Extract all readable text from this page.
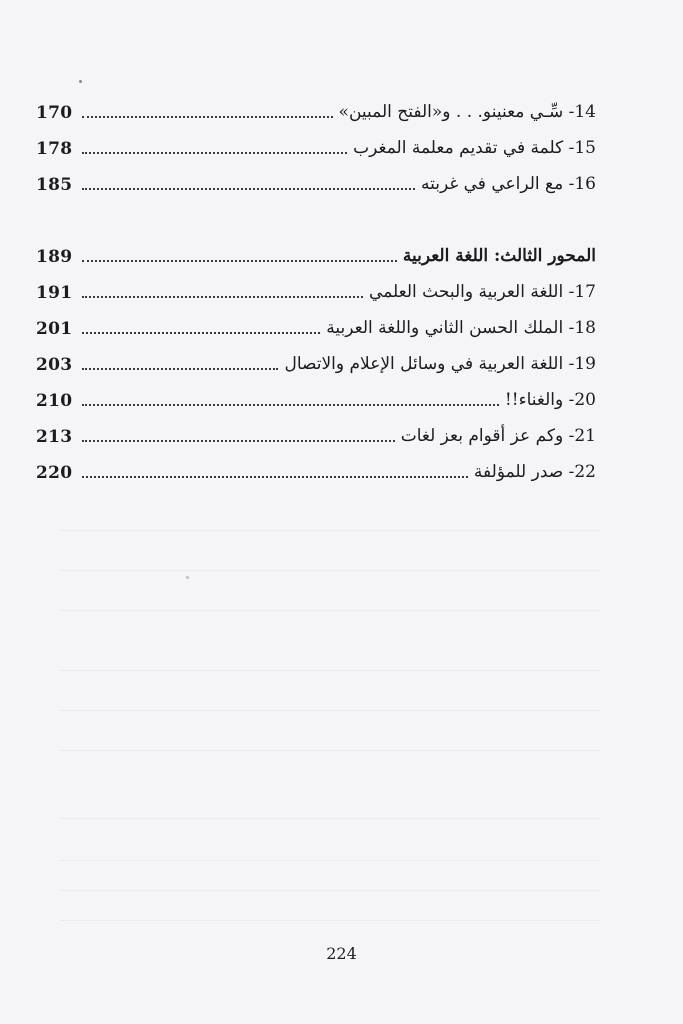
170	14- سِّـي معنينو. . . و«الفتح المبين»
178	15- كلمة في تقديم معلمة المغرب
185	16- مع الراعي في غربته
189	المحور الثالث: اللغة العربية
191	17- اللغة العربية والبحث العلمي
201	18- الملك الحسن الثاني واللغة العربية
203	19- اللغة العربية في وسائل الإعلام والاتصال
210	20- والغناء!!
213	21- وكم عز أقوام بعز لغات
220	22- صدر للمؤلفة
224
